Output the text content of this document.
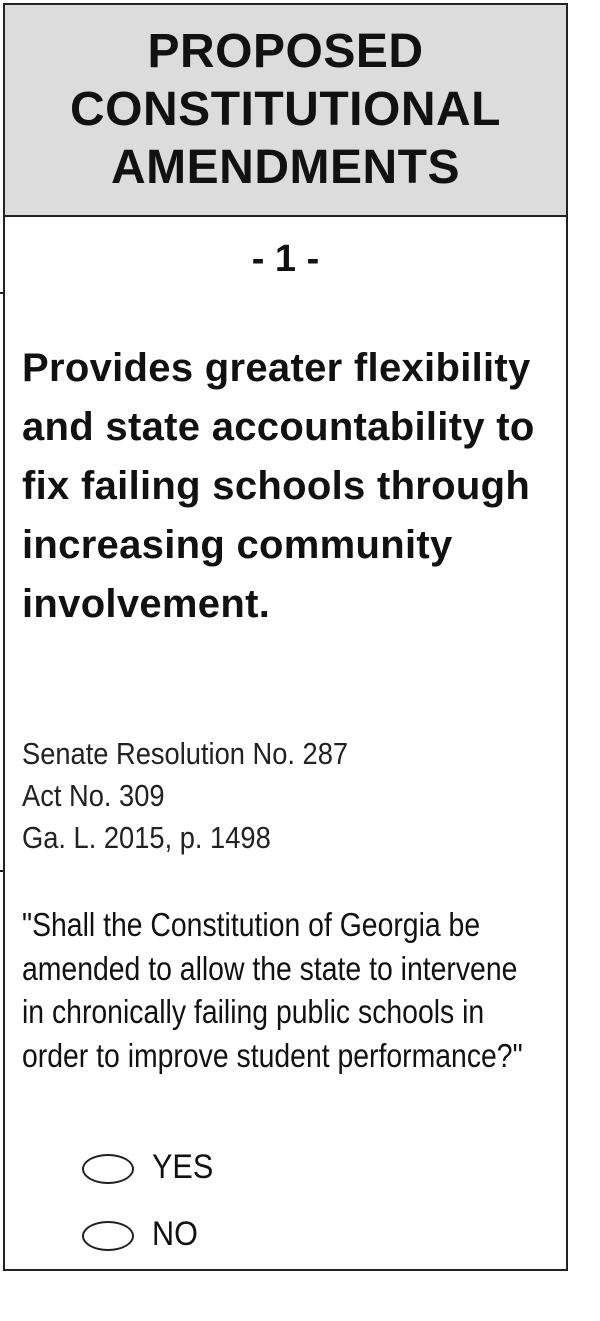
PROPOSED
CONSTITUTIONAL
AMENDMENTS
- 1 -
Provides greater flexibility and state accountability to fix failing schools through increasing community involvement.
Senate Resolution No. 287
Act No. 309
Ga. L. 2015, p. 1498
"Shall the Constitution of Georgia be amended to allow the state to intervene in chronically failing public schools in order to improve student performance?"
YES
NO
